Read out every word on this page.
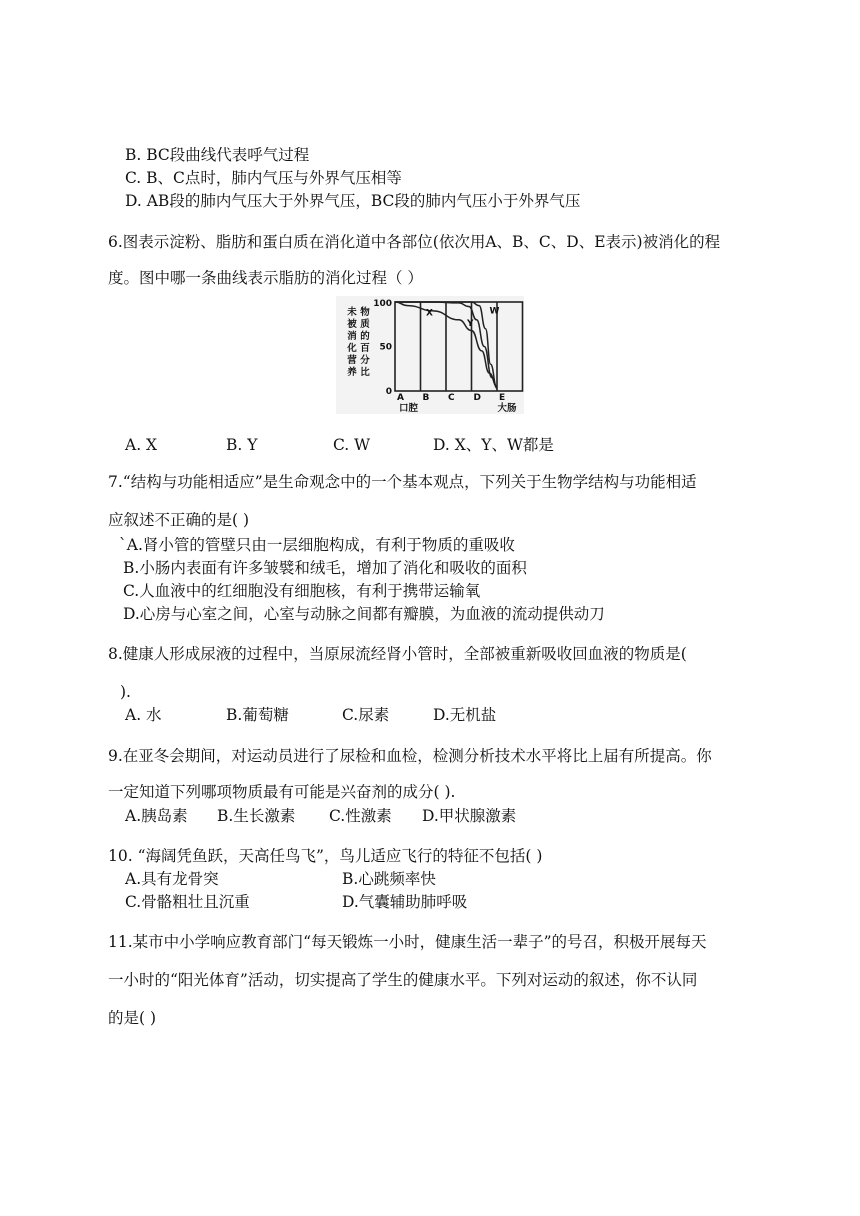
B. BC段曲线代表呼气过程
C. B、C点时，肺内气压与外界气压相等
D. AB段的肺内气压大于外界气压，BC段的肺内气压小于外界气压
6.图表示淀粉、脂肪和蛋白质在消化道中各部位(依次用A、B、C、D、E表示)被消化的程
度。图中哪一条曲线表示脂肪的消化过程（ ）
100
50
0
未
被
消
化
营
养
物
质
的
百
分
比
A B C D E
口腔	大肠
X
Y
W
A. X	B. Y	C. W	D. X、Y、W都是
7.“结构与功能相适应”是生命观念中的一个基本观点，下列关于生物学结构与功能相适
应叙述不正确的是( )
`A.肾小管的管壁只由一层细胞构成，有利于物质的重吸收
B.小肠内表面有许多皱襞和绒毛，增加了消化和吸收的面积
C.人血液中的红细胞没有细胞核，有利于携带运输氧
D.心房与心室之间，心室与动脉之间都有瓣膜，为血液的流动提供动刀
8.健康人形成尿液的过程中，当原尿流经肾小管时，全部被重新吸收回血液的物质是(
).
A. 水	B.葡萄糖	C.尿素	D.无机盐
9.在亚冬会期间，对运动员进行了尿检和血检，检测分析技术水平将比上届有所提高。你
一定知道下列哪项物质最有可能是兴奋剂的成分( ).
A.胰岛素 B.生长激素 C.性激素 D.甲状腺激素
10. “海阔凭鱼跃，天高任鸟飞”，鸟儿适应飞行的特征不包括( )
A.具有龙骨突	B.心跳频率快
C.骨骼粗壮且沉重	D.气囊辅助肺呼吸
11.某市中小学响应教育部门“每天锻炼一小时，健康生活一辈子”的号召，积极开展每天
一小时的“阳光体育”活动，切实提高了学生的健康水平。下列对运动的叙述，你不认同
的是( )
